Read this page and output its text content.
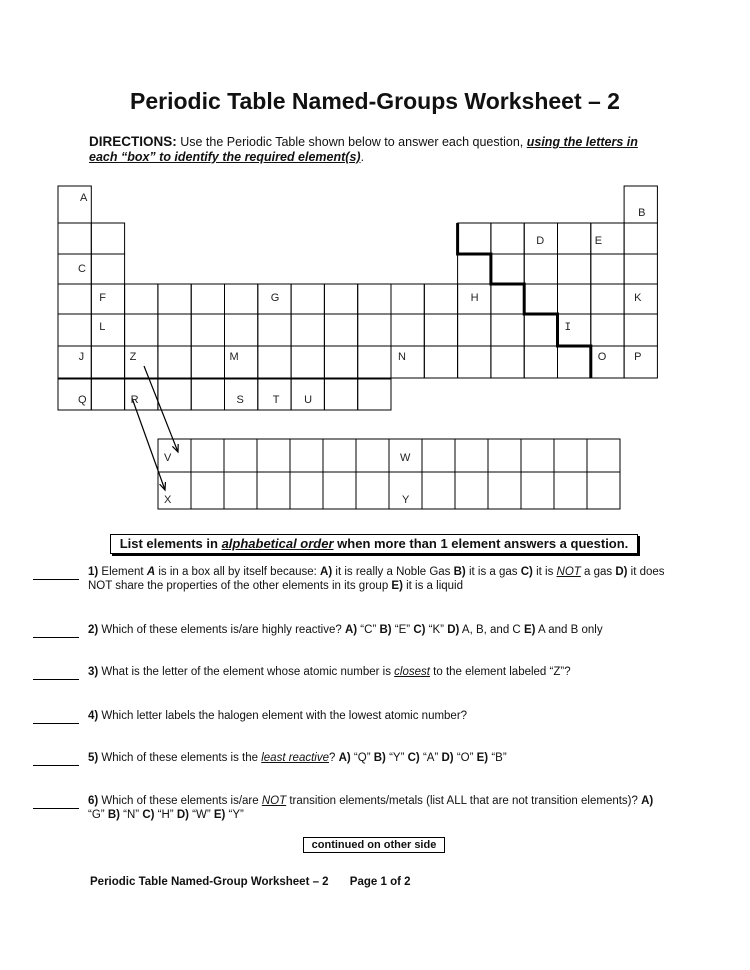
Periodic Table Named-Groups Worksheet – 2
DIRECTIONS: Use the Periodic Table shown below to answer each question, using the letters in each “box” to identify the required element(s).
A
B
D	E
C
F	G	H	K
L	I
J	Z	M	N	O	P
Q	R	S	T U
V	W
X	Y
List elements in alphabetical order when more than 1 element answers a question.
1) Element A is in a box all by itself because: A) it is really a Noble Gas B) it is a gas C) it is NOT a gas D) it does NOT share the properties of the other elements in its group E) it is a liquid
2) Which of these elements is/are highly reactive? A) “C” B) “E” C) “K” D) A, B, and C E) A and B only
3) What is the letter of the element whose atomic number is closest to the element labeled “Z”?
4) Which letter labels the halogen element with the lowest atomic number?
5) Which of these elements is the least reactive? A) “Q” B) “Y” C) “A” D) “O” E) “B”
6) Which of these elements is/are NOT transition elements/metals (list ALL that are not transition elements)? A) “G” B) “N” C) “H” D) “W” E) “Y”
continued on other side
Periodic Table Named-Group Worksheet – 2 Page 1 of 2
